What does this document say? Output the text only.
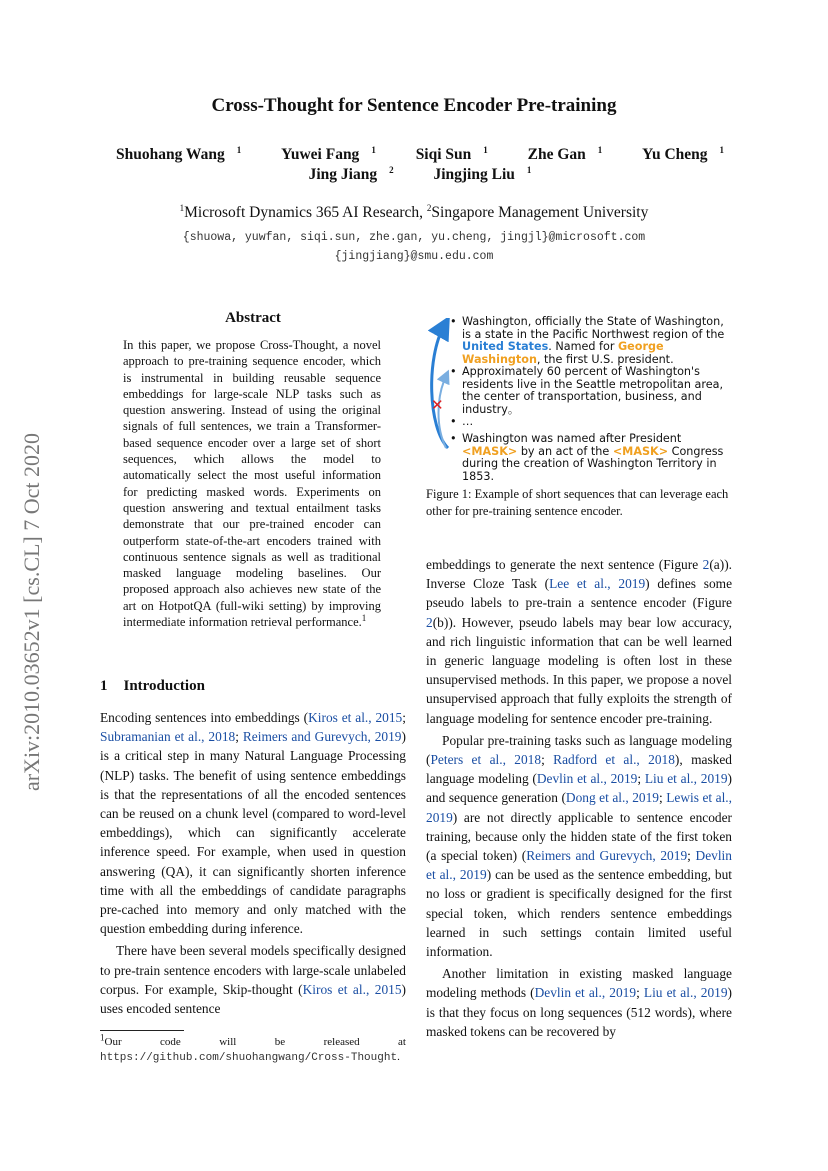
Cross-Thought for Sentence Encoder Pre-training
Shuohang Wang $^1$	Yuwei Fang $^1$	Siqi Sun $^1$	Zhe Gan $^1$	Yu Cheng $^1$
Jing Jiang $^2$	Jingjing Liu $^1$
$^1$Microsoft Dynamics 365 AI Research, $^2$Singapore Management University
{shuowa, yuwfan, siqi.sun, zhe.gan, yu.cheng, jingjl}@microsoft.com
{jingjiang}@smu.edu.com
arXiv:2010.03652v1 [cs.CL] 7 Oct 2020
Abstract
In this paper, we propose Cross-Thought, a novel approach to pre-training sequence encoder, which is instrumental in building reusable sequence embeddings for large-scale NLP tasks such as question answering. Instead of using the original signals of full sentences, we train a Transformer-based sequence encoder over a large set of short sequences, which allows the model to automatically select the most useful information for predicting masked words. Experiments on question answering and textual entailment tasks demonstrate that our pre-trained encoder can outperform state-of-the-art encoders trained with continuous sentence signals as well as traditional masked language modeling baselines. Our proposed approach also achieves new state of the art on HotpotQA (full-wiki setting) by improving intermediate information retrieval performance.$^1$
1 Introduction

Encoding sentences into embeddings (Kiros et al., 2015; Subramanian et al., 2018; Reimers and Gurevych, 2019) is a critical step in many Natural Language Processing (NLP) tasks. The benefit of using sentence embeddings is that the representations of all the encoded sentences can be reused on a chunk level (compared to word-level embeddings), which can significantly accelerate inference speed. For example, when used in question answering (QA), it can significantly shorten inference time with all the embeddings of candidate paragraphs pre-cached into memory and only matched with the question embedding during inference.

There have been several models specifically designed to pre-train sentence encoders with large-scale unlabeled corpus. For example, Skip-thought (Kiros et al., 2015) uses encoded sentence

$^1$Our code will be released at https://github.com/shuohangwang/Cross-Thought.
✕
• Washington, officially the State of Washington, is a state in the Pacific Northwest region of the United States. Named for George Washington, the first U.S. president.
• Approximately 60 percent of Washington's residents live in the Seattle metropolitan area, the center of transportation, business, and industry。
• …
• Washington was named after President <MASK> by an act of the <MASK> Congress during the creation of Washington Territory in 1853.
Figure 1: Example of short sequences that can leverage each other for pre-training sentence encoder.

embeddings to generate the next sentence (Figure 2(a)). Inverse Cloze Task (Lee et al., 2019) defines some pseudo labels to pre-train a sentence encoder (Figure 2(b)). However, pseudo labels may bear low accuracy, and rich linguistic information that can be well learned in generic language modeling is often lost in these unsupervised methods. In this paper, we propose a novel unsupervised approach that fully exploits the strength of language modeling for sentence encoder pre-training.

Popular pre-training tasks such as language modeling (Peters et al., 2018; Radford et al., 2018), masked language modeling (Devlin et al., 2019; Liu et al., 2019) and sequence generation (Dong et al., 2019; Lewis et al., 2019) are not directly applicable to sentence encoder training, because only the hidden state of the first token (a special token) (Reimers and Gurevych, 2019; Devlin et al., 2019) can be used as the sentence embedding, but no loss or gradient is specifically designed for the first special token, which renders sentence embeddings learned in such settings contain limited useful information.

Another limitation in existing masked language modeling methods (Devlin et al., 2019; Liu et al., 2019) is that they focus on long sequences (512 words), where masked tokens can be recovered by
